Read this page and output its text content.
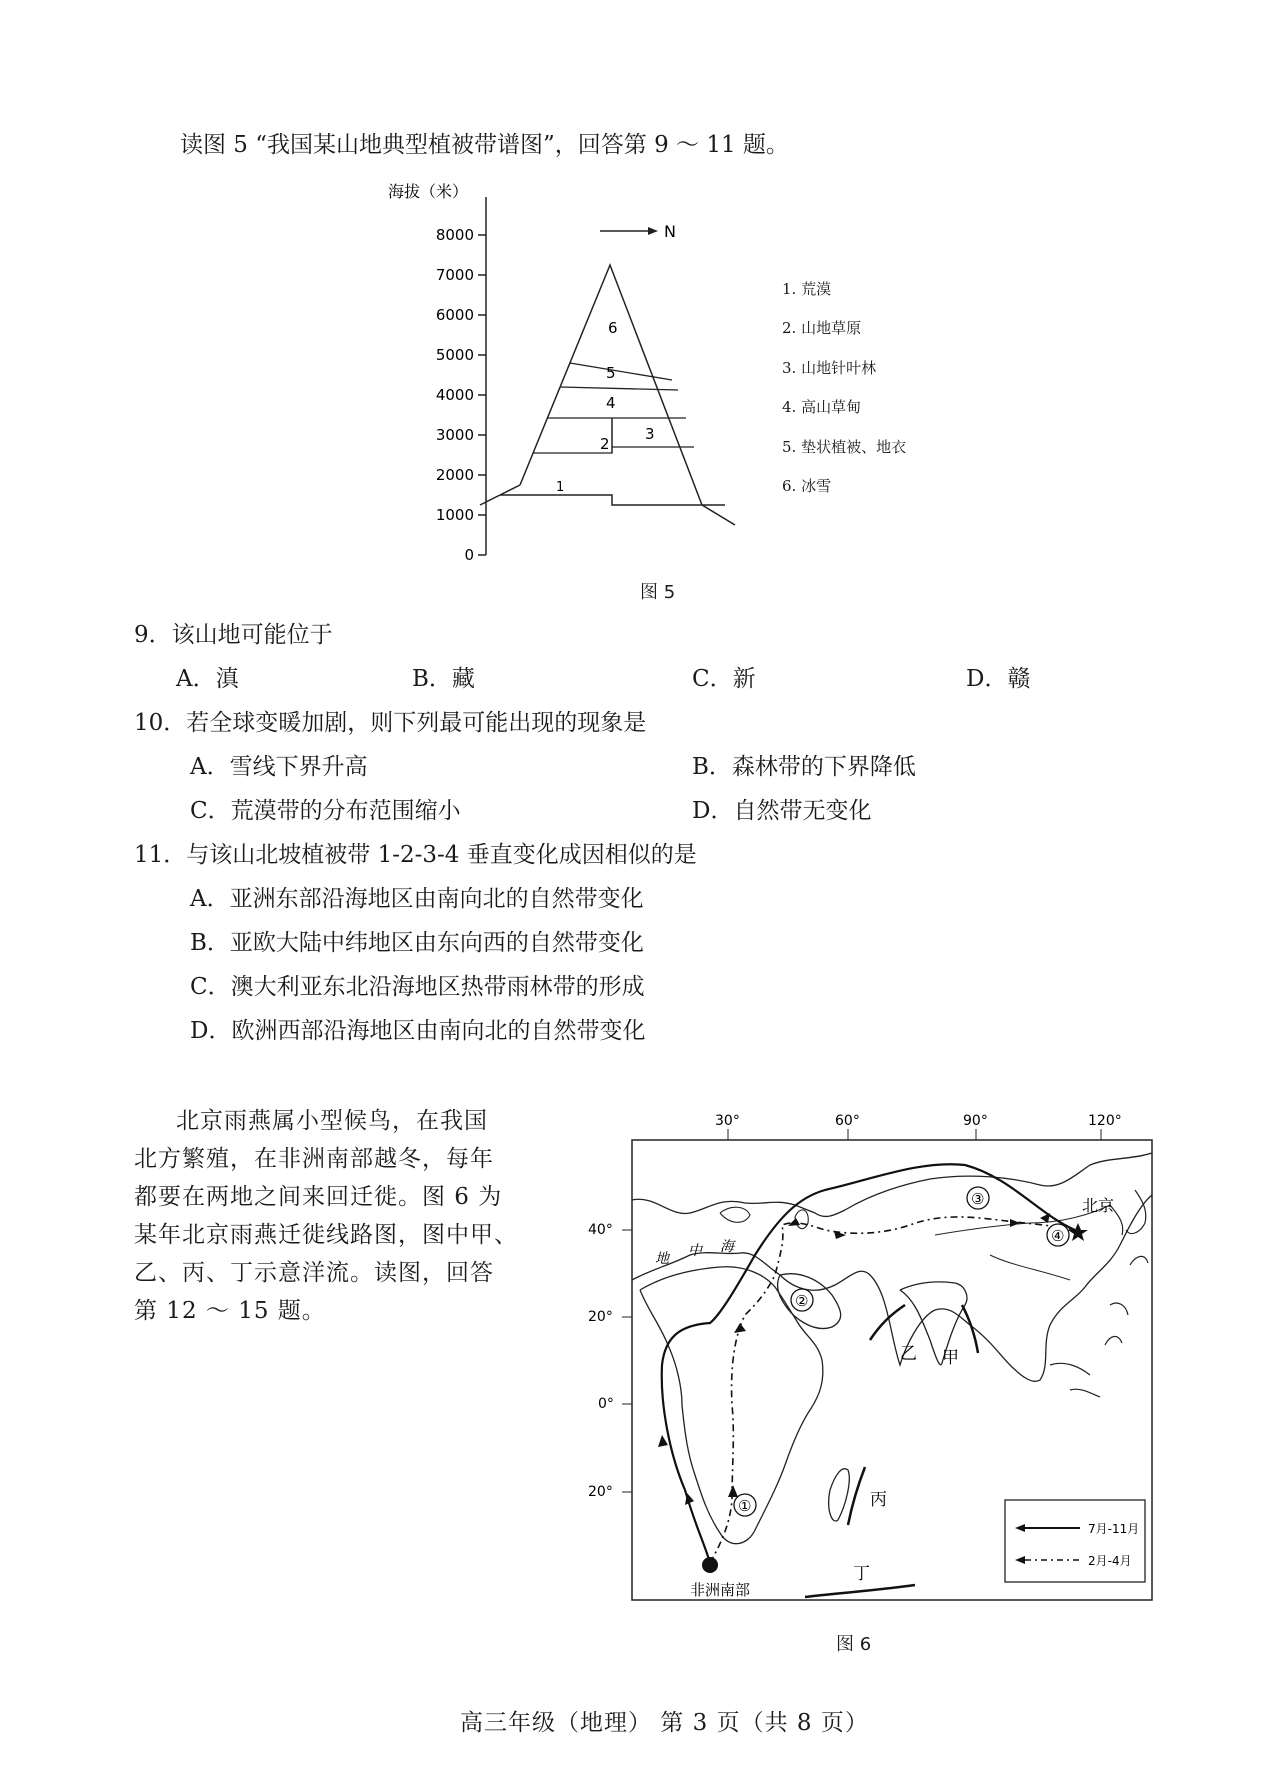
读图 5 “我国某山地典型植被带谱图”，回答第 9 ～ 11 题。
海拔（米）
8000
7000
6000
5000
4000
3000
2000
1000
0
N
6
5
4
3
2
1
1. 荒漠
2. 山地草原
3. 山地针叶林
4. 高山草甸
5. 垫状植被、地衣
6. 冰雪
图 5
9．该山地可能位于
A．滇	B．藏	C．新	D．赣
10．若全球变暖加剧，则下列最可能出现的现象是
A．雪线下界升高	B．森林带的下界降低
C．荒漠带的分布范围缩小	D．自然带无变化
11．与该山北坡植被带 1-2-3-4 垂直变化成因相似的是
A．亚洲东部沿海地区由南向北的自然带变化
B．亚欧大陆中纬地区由东向西的自然带变化
C．澳大利亚东北沿海地区热带雨林带的形成
D．欧洲西部沿海地区由南向北的自然带变化
北京雨燕属小型候鸟，在我国
北方繁殖，在非洲南部越冬，每年
都要在两地之间来回迁徙。图 6 为
某年北京雨燕迁徙线路图，图中甲、
乙、丙、丁示意洋流。读图，回答
第 12 ～ 15 题。
30°	60°	90°	120°
40°
20°
0°
20°
地 中 海
①
②
③
④
北京
非洲南部
乙 甲
丙
丁
7月-11月
2月-4月
图 6
高三年级（地理） 第 3 页（共 8 页）
